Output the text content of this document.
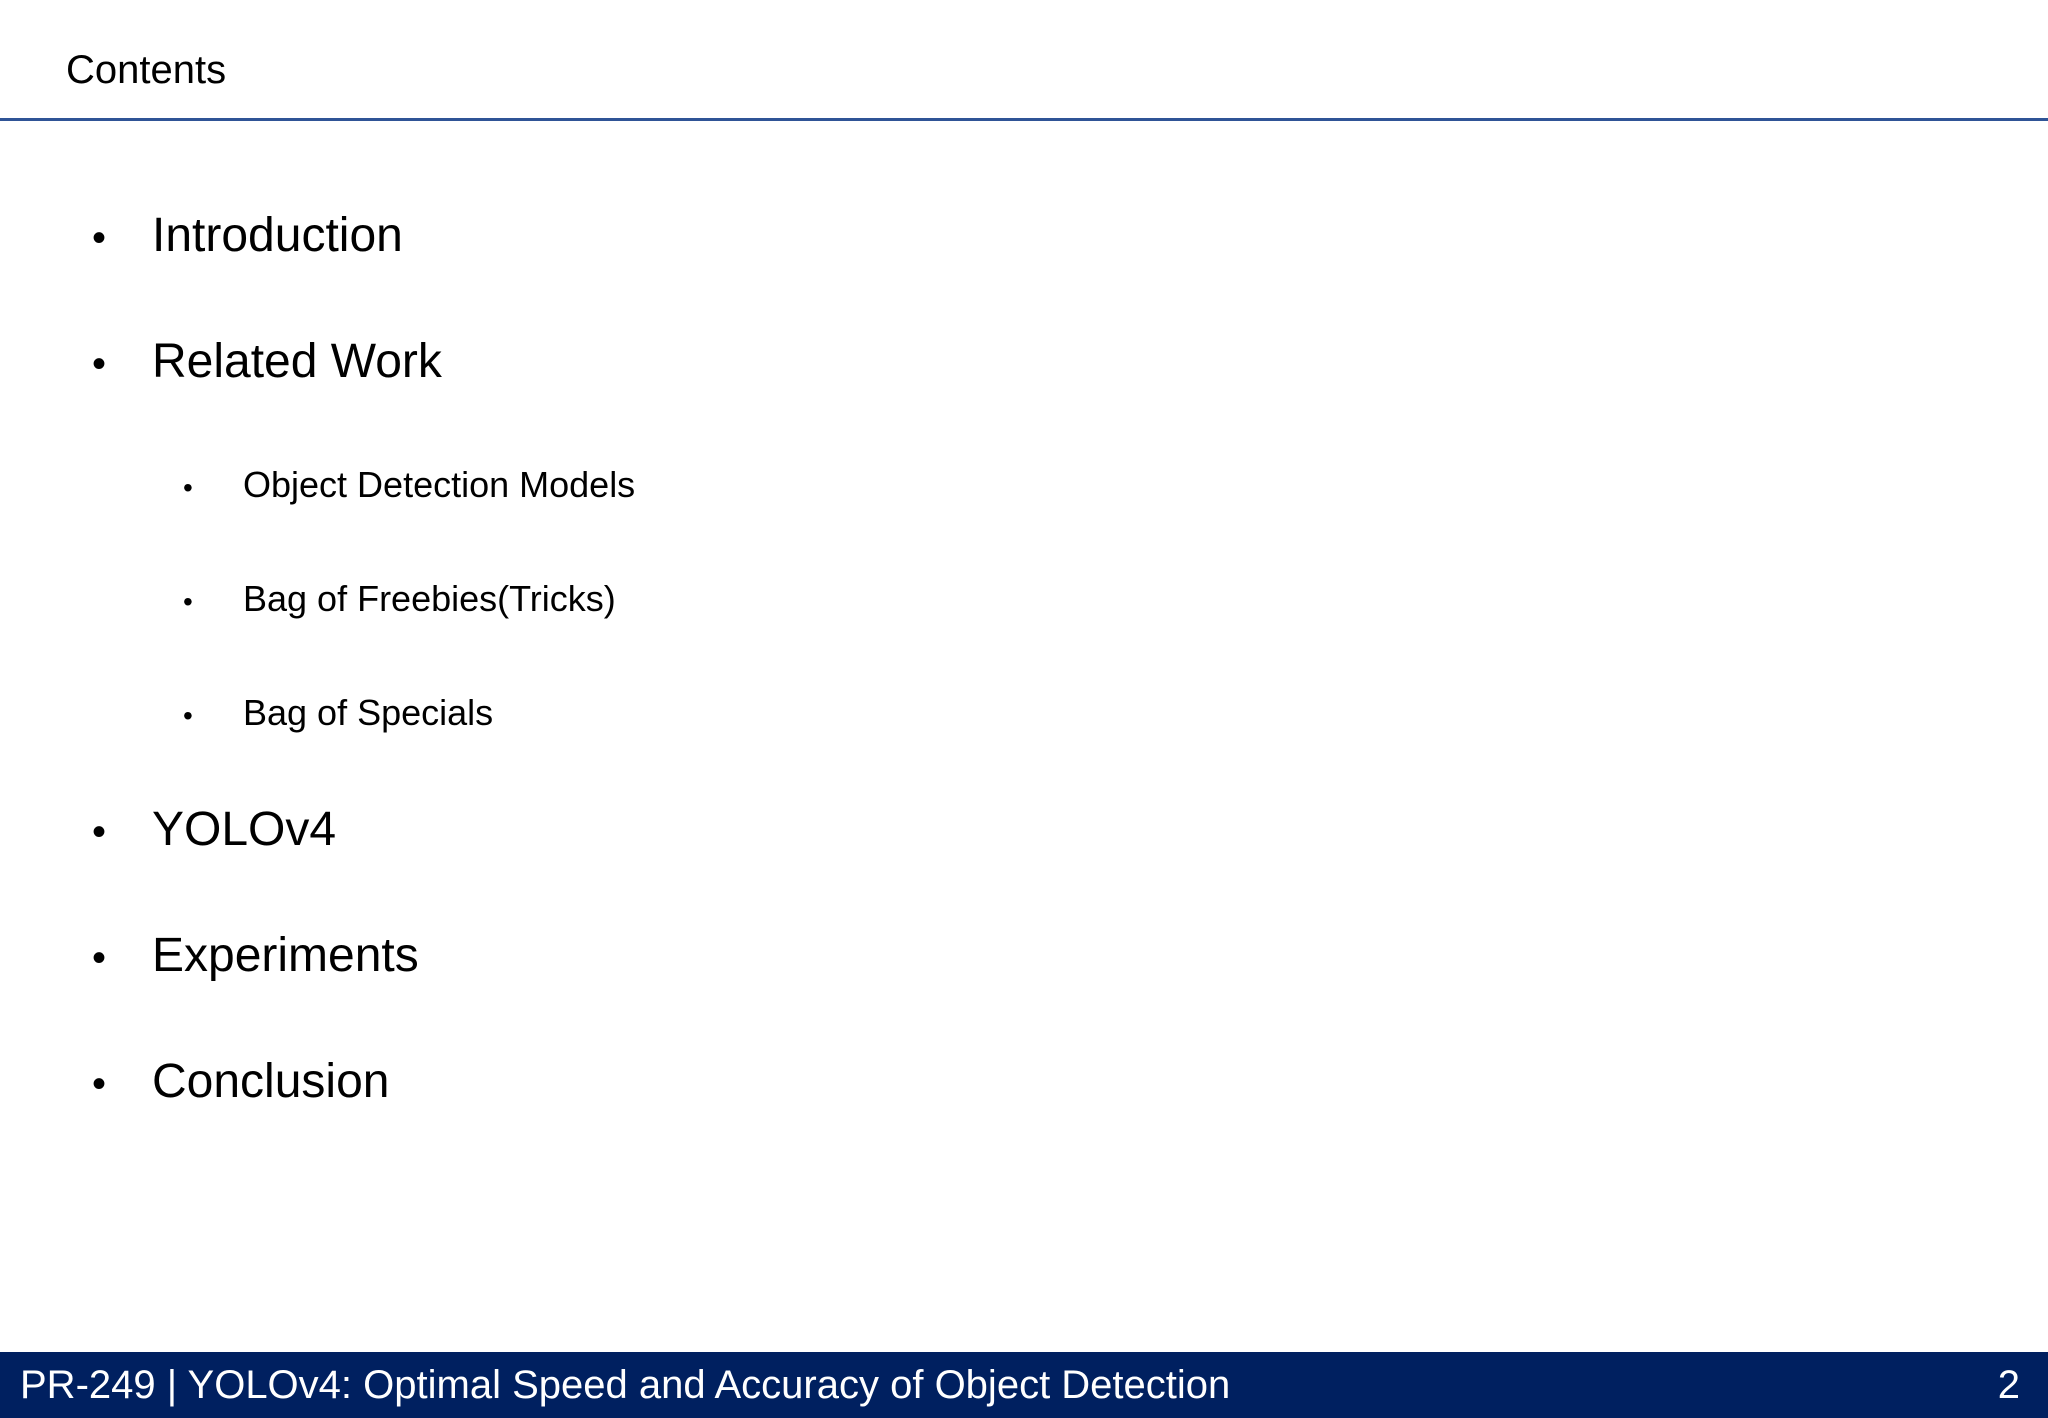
Contents
• Introduction
• Related Work
• Object Detection Models
• Bag of Freebies(Tricks)
• Bag of Specials
• YOLOv4
• Experiments
• Conclusion
PR-249 | YOLOv4: Optimal Speed and Accuracy of Object Detection	2
